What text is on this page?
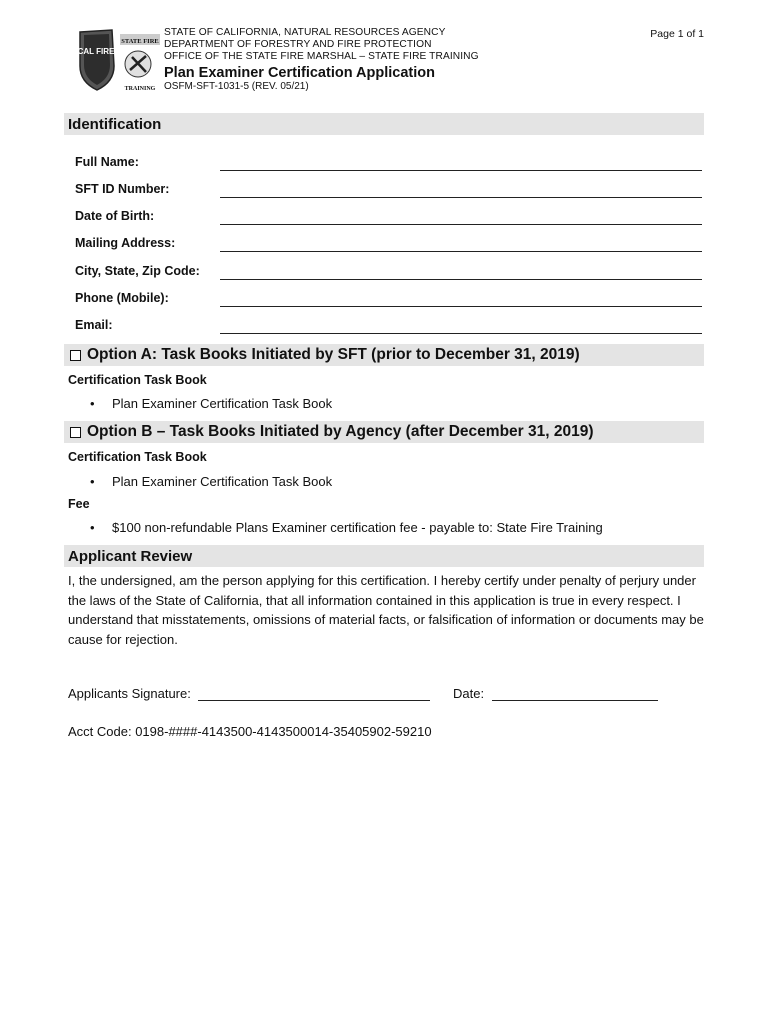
CAL FIRE
STATE FIRE
TRAINING
STATE OF CALIFORNIA, NATURAL RESOURCES AGENCY
DEPARTMENT OF FORESTRY AND FIRE PROTECTION
OFFICE OF THE STATE FIRE MARSHAL – STATE FIRE TRAINING
Plan Examiner Certification Application
OSFM-SFT-1031-5 (REV. 05/21)
Page 1 of 1
Identification
Full Name:
SFT ID Number:
Date of Birth:
Mailing Address:
City, State, Zip Code:
Phone (Mobile):
Email:
Option A: Task Books Initiated by SFT (prior to December 31, 2019)
Certification Task Book
• Plan Examiner Certification Task Book
Option B – Task Books Initiated by Agency (after December 31, 2019)
Certification Task Book
• Plan Examiner Certification Task Book
Fee
• $100 non-refundable Plans Examiner certification fee - payable to: State Fire Training
Applicant Review
I, the undersigned, am the person applying for this certification. I hereby certify under penalty of perjury under the laws of the State of California, that all information contained in this application is true in every respect. I understand that misstatements, omissions of material facts, or falsification of information or documents may be cause for rejection.
Applicants Signature:	Date:
Acct Code: 0198-####-4143500-4143500014-35405902-59210
